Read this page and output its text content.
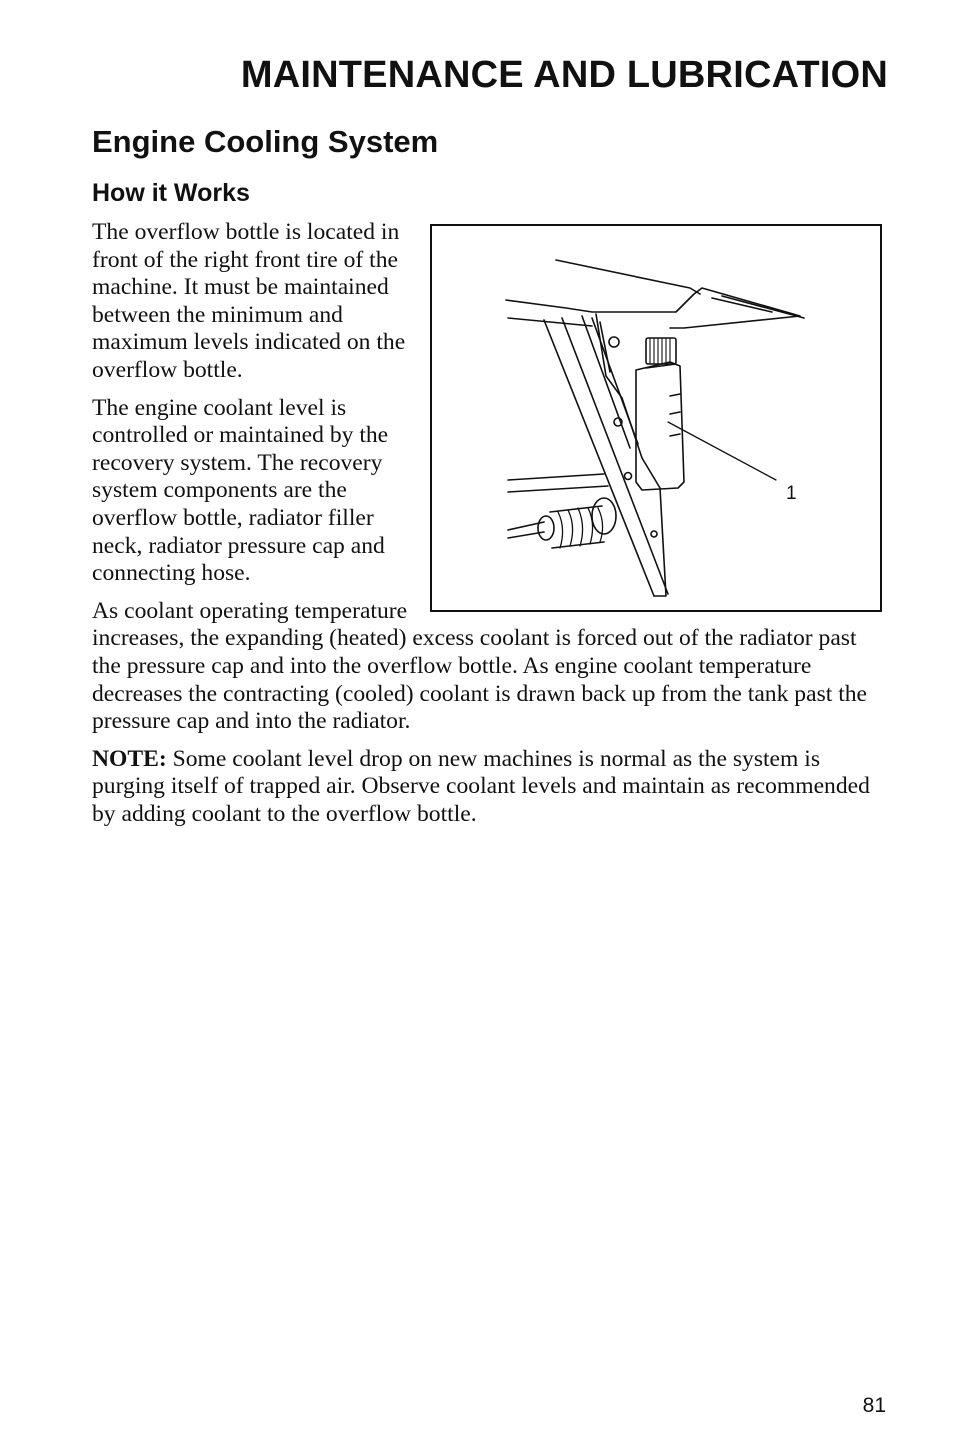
MAINTENANCE AND LUBRICATION
Engine Cooling System
How it Works
1

The overflow bottle is located in front of the right front tire of the machine. It must be maintained between the minimum and maximum levels indicated on the overflow bottle.

The engine coolant level is controlled or maintained by the recovery system. The recovery system components are the overflow bottle, radiator filler neck, radiator pressure cap and connecting hose.

As coolant operating temperature increases, the expanding (heated) excess coolant is forced out of the radiator past the pressure cap and into the overflow bottle. As engine coolant temperature decreases the contracting (cooled) coolant is drawn back up from the tank past the pressure cap and into the radiator.

NOTE: Some coolant level drop on new machines is normal as the system is purging itself of trapped air. Observe coolant levels and maintain as recommended by adding coolant to the overflow bottle.

81
